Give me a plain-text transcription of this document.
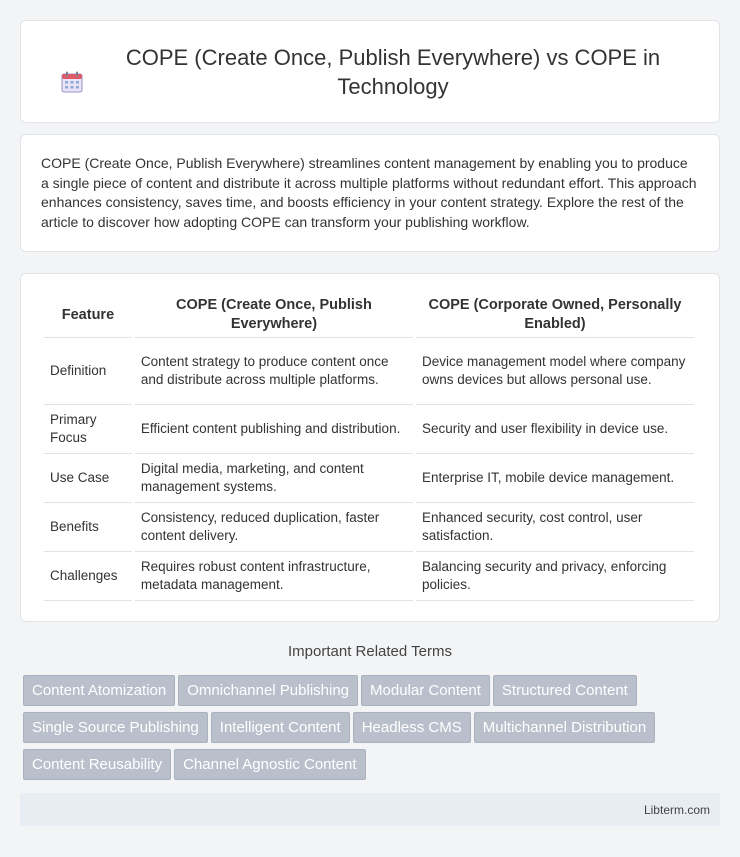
COPE (Create Once, Publish Everywhere) vs COPE in Technology

COPE (Create Once, Publish Everywhere) streamlines content management by enabling you to produce a single piece of content and distribute it across multiple platforms without redundant effort. This approach enhances consistency, saves time, and boosts efficiency in your content strategy. Explore the rest of the article to discover how adopting COPE can transform your publishing workflow.

Feature	COPE (Create Once, Publish Everywhere)	COPE (Corporate Owned, Personally Enabled)
Definition	Content strategy to produce content once and distribute across multiple platforms.	Device management model where company owns devices but allows personal use.
Primary Focus	Efficient content publishing and distribution.	Security and user flexibility in device use.
Use Case	Digital media, marketing, and content management systems.	Enterprise IT, mobile device management.
Benefits	Consistency, reduced duplication, faster content delivery.	Enhanced security, cost control, user satisfaction.
Challenges	Requires robust content infrastructure, metadata management.	Balancing security and privacy, enforcing policies.
Important Related Terms
Content Atomization Omnichannel Publishing Modular Content Structured Content
Single Source Publishing Intelligent Content Headless CMS Multichannel Distribution
Content Reusability Channel Agnostic Content
Libterm.com
